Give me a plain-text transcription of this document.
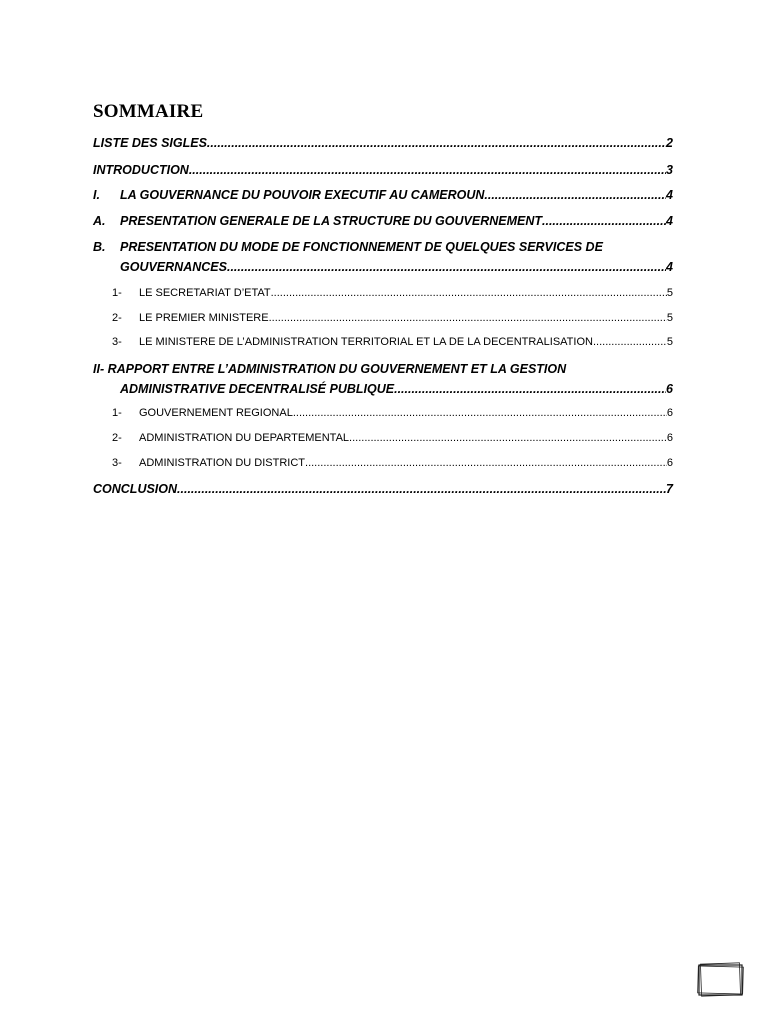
SOMMAIRE
LISTE DES SIGLES .....	2
INTRODUCTION .....	3
I.	LA GOUVERNANCE DU POUVOIR EXECUTIF AU CAMEROUN .....	4
A.	PRESENTATION GENERALE DE LA STRUCTURE DU GOUVERNEMENT .....	4
B.	PRESENTATION DU MODE DE FONCTIONNEMENT DE QUELQUES SERVICES DE
GOUVERNANCES .....	4
1-	LE SECRETARIAT D’ETAT .....	5
2-	LE PREMIER MINISTERE .....	5
3-	LE MINISTERE DE L’ADMINISTRATION TERRITORIAL ET LA DE LA DECENTRALISATION .....	5
II- RAPPORT ENTRE L’ADMINISTRATION DU GOUVERNEMENT ET LA GESTION
ADMINISTRATIVE DECENTRALISÉ PUBLIQUE .....	6
1-	GOUVERNEMENT REGIONAL .....	6
2-	ADMINISTRATION DU DEPARTEMENTAL .....	6
3-	ADMINISTRATION DU DISTRICT .....	6
CONCLUSION .....	7
